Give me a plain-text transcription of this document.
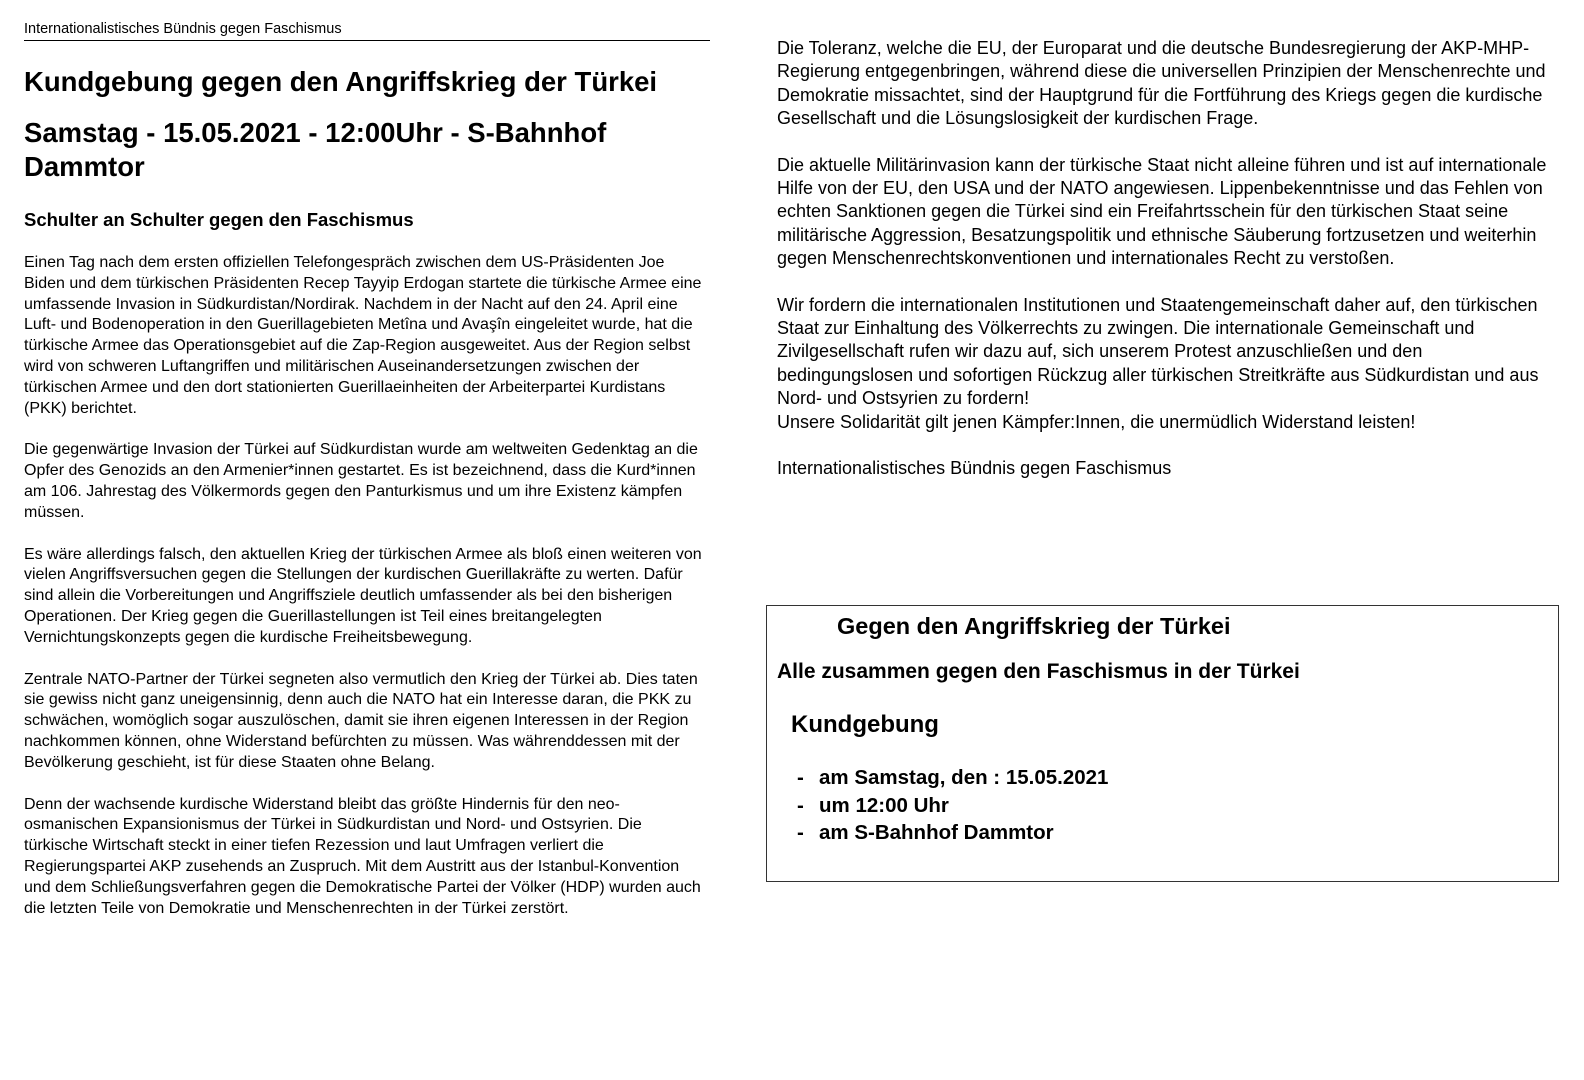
Internationalistisches Bündnis gegen Faschismus
Kundgebung gegen den Angriffskrieg der Türkei
Samstag - 15.05.2021 - 12:00Uhr - S-Bahnhof Dammtor
Schulter an Schulter gegen den Faschismus

Einen Tag nach dem ersten offiziellen Telefongespräch zwischen dem US-Präsidenten Joe Biden und dem türkischen Präsidenten Recep Tayyip Erdogan startete die türkische Armee eine umfassende Invasion in Südkurdistan/Nordirak. Nachdem in der Nacht auf den 24. April eine Luft- und Bodenoperation in den Guerillagebieten Metîna und Avaşîn eingeleitet wurde, hat die türkische Armee das Operationsgebiet auf die Zap-Region ausgeweitet. Aus der Region selbst wird von schweren Luftangriffen und militärischen Auseinandersetzungen zwischen der türkischen Armee und den dort stationierten Guerillaeinheiten der Arbeiterpartei Kurdistans (PKK) berichtet.

Die gegenwärtige Invasion der Türkei auf Südkurdistan wurde am weltweiten Gedenktag an die Opfer des Genozids an den Armenier*innen gestartet. Es ist bezeichnend, dass die Kurd*innen am 106. Jahrestag des Völkermords gegen den Panturkismus und um ihre Existenz kämpfen müssen.

Es wäre allerdings falsch, den aktuellen Krieg der türkischen Armee als bloß einen weiteren von vielen Angriffsversuchen gegen die Stellungen der kurdischen Guerillakräfte zu werten. Dafür sind allein die Vorbereitungen und Angriffsziele deutlich umfassender als bei den bisherigen Operationen. Der Krieg gegen die Guerillastellungen ist Teil eines breitangelegten Vernichtungskonzepts gegen die kurdische Freiheitsbewegung.

Zentrale NATO-Partner der Türkei segneten also vermutlich den Krieg der Türkei ab. Dies taten sie gewiss nicht ganz uneigensinnig, denn auch die NATO hat ein Interesse daran, die PKK zu schwächen, womöglich sogar auszulöschen, damit sie ihren eigenen Interessen in der Region nachkommen können, ohne Widerstand befürchten zu müssen. Was währenddessen mit der Bevölkerung geschieht, ist für diese Staaten ohne Belang.

Denn der wachsende kurdische Widerstand bleibt das größte Hindernis für den neo-osmanischen Expansionismus der Türkei in Südkurdistan und Nord- und Ostsyrien. Die türkische Wirtschaft steckt in einer tiefen Rezession und laut Umfragen verliert die Regierungspartei AKP zusehends an Zuspruch. Mit dem Austritt aus der Istanbul-Konvention und dem Schließungsverfahren gegen die Demokratische Partei der Völker (HDP) wurden auch die letzten Teile von Demokratie und Menschenrechten in der Türkei zerstört.

Die Toleranz, welche die EU, der Europarat und die deutsche Bundesregierung der AKP-MHP-Regierung entgegenbringen, während diese die universellen Prinzipien der Menschenrechte und Demokratie missachtet, sind der Hauptgrund für die Fortführung des Kriegs gegen die kurdische Gesellschaft und die Lösungslosigkeit der kurdischen Frage.

Die aktuelle Militärinvasion kann der türkische Staat nicht alleine führen und ist auf internationale Hilfe von der EU, den USA und der NATO angewiesen. Lippenbekenntnisse und das Fehlen von echten Sanktionen gegen die Türkei sind ein Freifahrtsschein für den türkischen Staat seine militärische Aggression, Besatzungspolitik und ethnische Säuberung fortzusetzen und weiterhin gegen Menschenrechtskonventionen und internationales Recht zu verstoßen.

Wir fordern die internationalen Institutionen und Staatengemeinschaft daher auf, den türkischen Staat zur Einhaltung des Völkerrechts zu zwingen. Die internationale Gemeinschaft und Zivilgesellschaft rufen wir dazu auf, sich unserem Protest anzuschließen und den bedingungslosen und sofortigen Rückzug aller türkischen Streitkräfte aus Südkurdistan und aus Nord- und Ostsyrien zu fordern!
Unsere Solidarität gilt jenen Kämpfer:Innen, die unermüdlich Widerstand leisten!

Internationalistisches Bündnis gegen Faschismus

Gegen den Angriffskrieg der Türkei
Alle zusammen gegen den Faschismus in der Türkei
Kundgebung
- am Samstag, den : 15.05.2021
- um 12:00 Uhr
- am S-Bahnhof Dammtor
